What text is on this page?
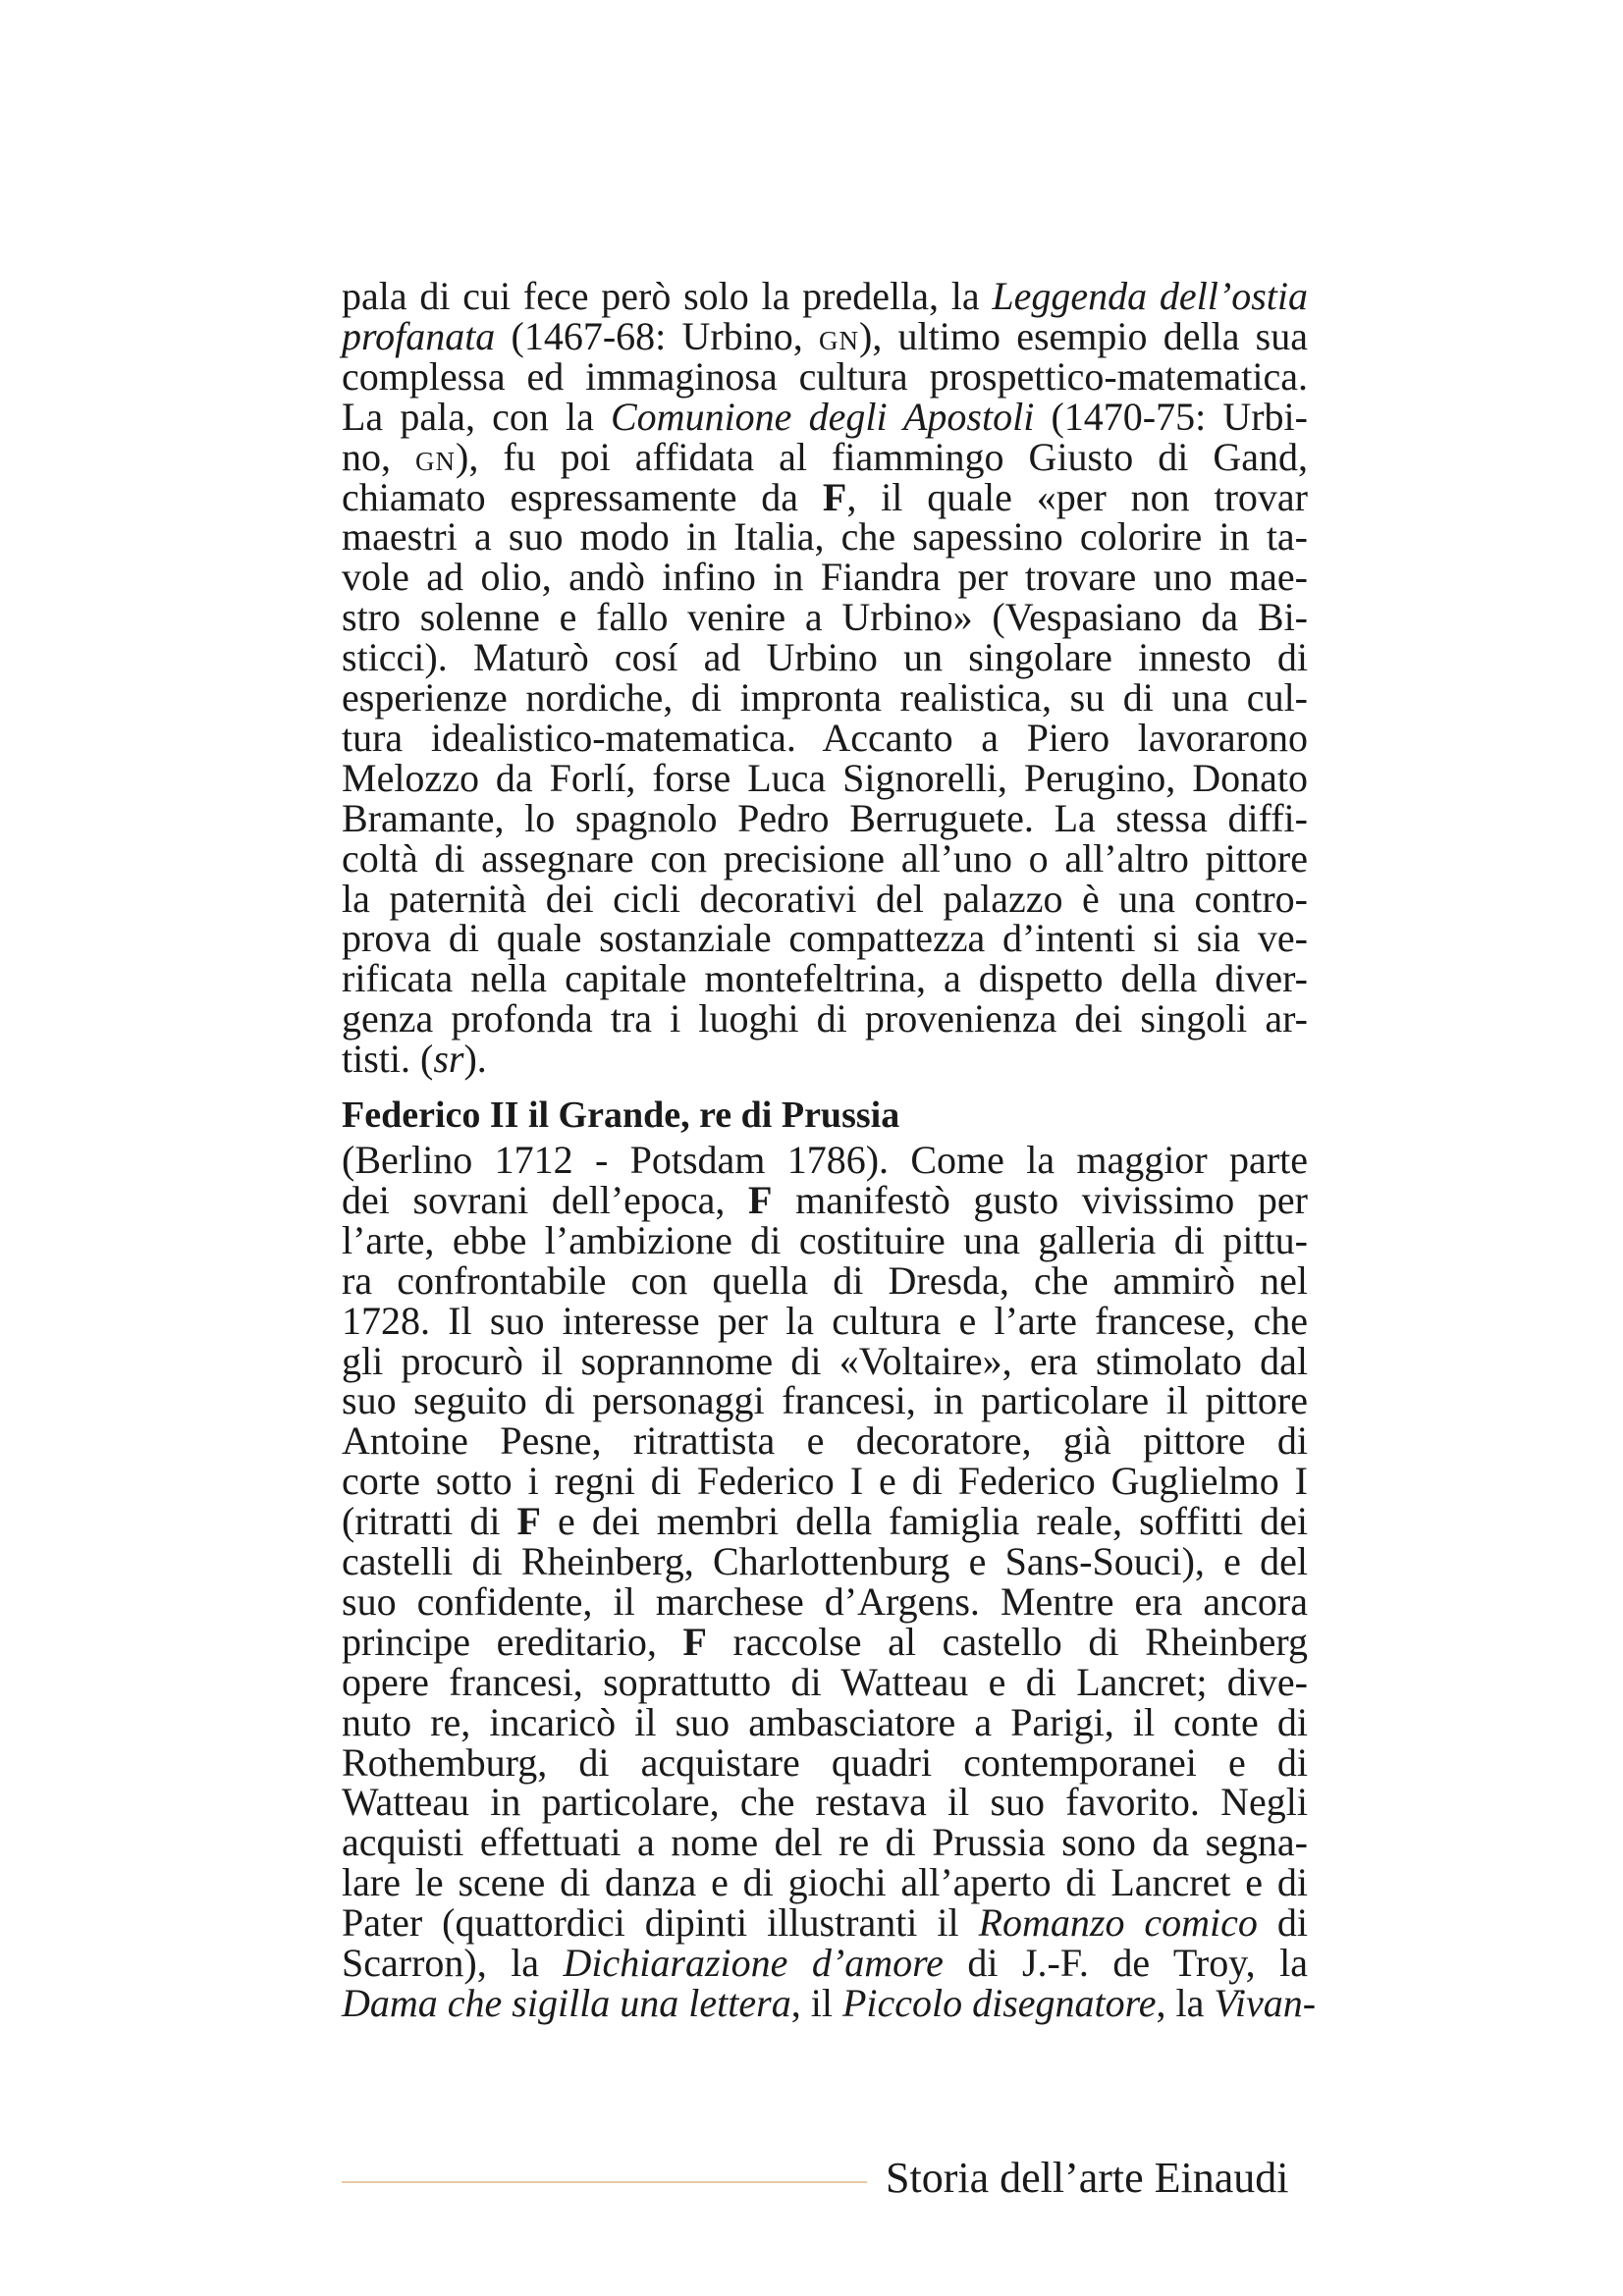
pala di cui fece però solo la predella, la Leggenda dell’ostia
profanata (1467-68: Urbino, GN), ultimo esempio della sua
complessa ed immaginosa cultura prospettico-matematica.
La pala, con la Comunione degli Apostoli (1470-75: Urbi-
no, GN), fu poi affidata al fiammingo Giusto di Gand,
chiamato espressamente da F, il quale «per non trovar
maestri a suo modo in Italia, che sapessino colorire in ta-
vole ad olio, andò infino in Fiandra per trovare uno mae-
stro solenne e fallo venire a Urbino» (Vespasiano da Bi-
sticci). Maturò cosí ad Urbino un singolare innesto di
esperienze nordiche, di impronta realistica, su di una cul-
tura idealistico-matematica. Accanto a Piero lavorarono
Melozzo da Forlí, forse Luca Signorelli, Perugino, Donato
Bramante, lo spagnolo Pedro Berruguete. La stessa diffi-
coltà di assegnare con precisione all’uno o all’altro pittore
la paternità dei cicli decorativi del palazzo è una contro-
prova di quale sostanziale compattezza d’intenti si sia ve-
rificata nella capitale montefeltrina, a dispetto della diver-
genza profonda tra i luoghi di provenienza dei singoli ar-
tisti. (sr).
Federico II il Grande, re di Prussia
(Berlino 1712 - Potsdam 1786). Come la maggior parte
dei sovrani dell’epoca, F manifestò gusto vivissimo per
l’arte, ebbe l’ambizione di costituire una galleria di pittu-
ra confrontabile con quella di Dresda, che ammirò nel
1728. Il suo interesse per la cultura e l’arte francese, che
gli procurò il soprannome di «Voltaire», era stimolato dal
suo seguito di personaggi francesi, in particolare il pittore
Antoine Pesne, ritrattista e decoratore, già pittore di
corte sotto i regni di Federico I e di Federico Guglielmo I
(ritratti di F e dei membri della famiglia reale, soffitti dei
castelli di Rheinberg, Charlottenburg e Sans-Souci), e del
suo confidente, il marchese d’Argens. Mentre era ancora
principe ereditario, F raccolse al castello di Rheinberg
opere francesi, soprattutto di Watteau e di Lancret; dive-
nuto re, incaricò il suo ambasciatore a Parigi, il conte di
Rothemburg, di acquistare quadri contemporanei e di
Watteau in particolare, che restava il suo favorito. Negli
acquisti effettuati a nome del re di Prussia sono da segna-
lare le scene di danza e di giochi all’aperto di Lancret e di
Pater (quattordici dipinti illustranti il Romanzo comico di
Scarron), la Dichiarazione d’amore di J.-F. de Troy, la
Dama che sigilla una lettera, il Piccolo disegnatore, la Vivan-
Storia dell’arte Einaudi
